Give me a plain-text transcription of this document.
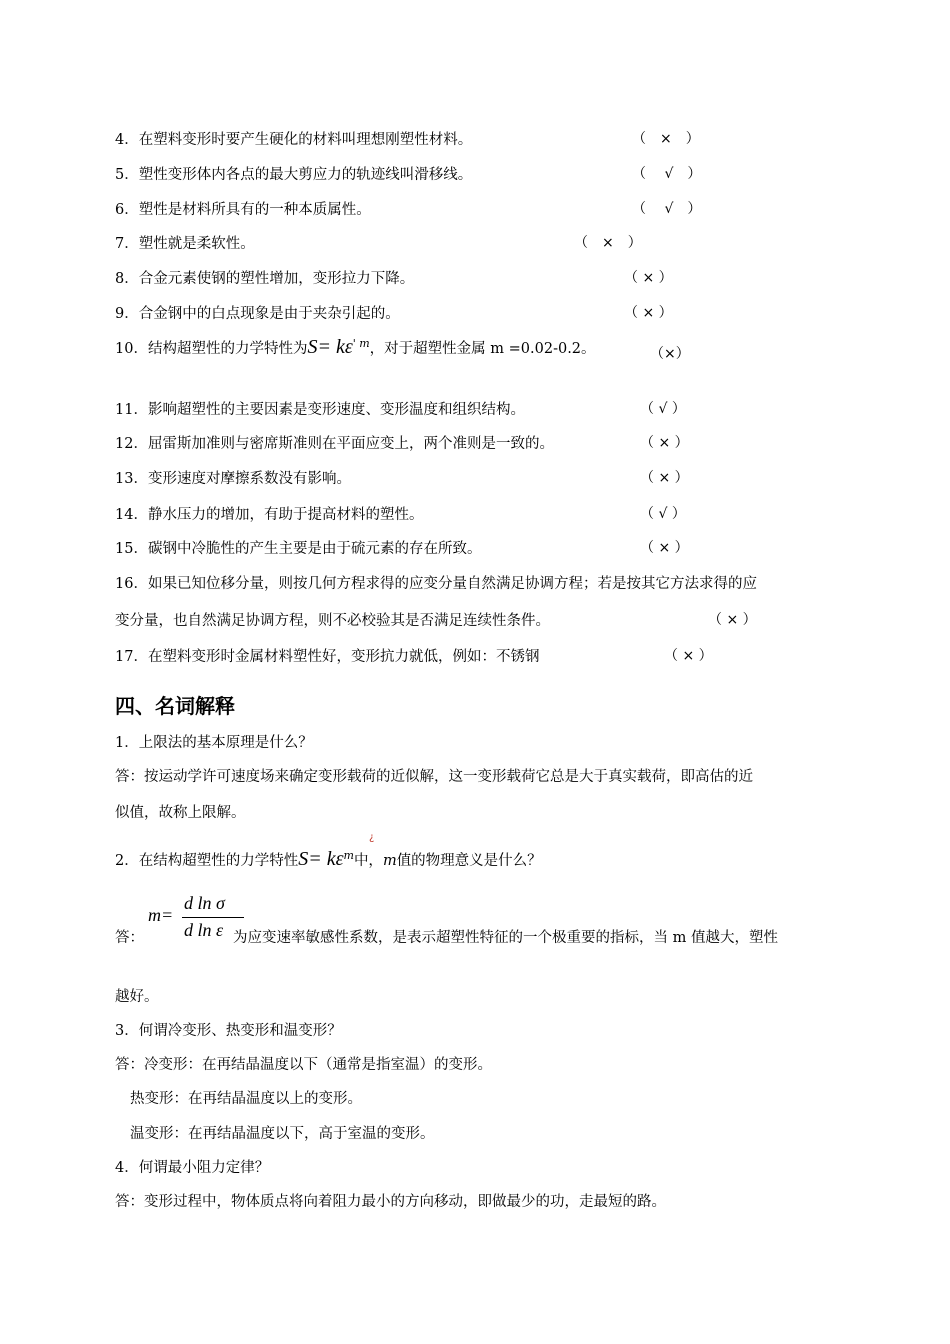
4．在塑料变形时要产生硬化的材料叫理想刚塑性材料。	（　×　）
5．塑性变形体内各点的最大剪应力的轨迹线叫滑移线。	（　 √　）
6．塑性是材料所具有的一种本质属性。	（　 √　）
7．塑性就是柔软性。	（　×　）
8．合金元素使钢的塑性增加，变形拉力下降。	（ × ）
9．合金钢中的白点现象是由于夹杂引起的。	（ × ）
10．结构超塑性的力学特性为$S= k\varepsilon^{' m}$，对于超塑性金属 m =0.02-0.2。	（×）
11．影响超塑性的主要因素是变形速度、变形温度和组织结构。	（ √ ）
12．屈雷斯加准则与密席斯准则在平面应变上，两个准则是一致的。	（ × ）
13．变形速度对摩擦系数没有影响。	（ × ）
14．静水压力的增加，有助于提高材料的塑性。	（ √ ）
15．碳钢中冷脆性的产生主要是由于硫元素的存在所致。	（ × ）
16．如果已知位移分量，则按几何方程求得的应变分量自然满足协调方程；若是按其它方法求得的应
变分量，也自然满足协调方程，则不必校验其是否满足连续性条件。	（ × ）
17．在塑料变形时金属材料塑性好，变形抗力就低，例如：不锈钢	（ × ）
四、名词解释
1．上限法的基本原理是什么？
答：按运动学许可速度场来确定变形载荷的近似解，这一变形载荷它总是大于真实载荷，即高估的近
似值，故称上限解。
2．在结构超塑性的力学特性$S= k\varepsilon^m$中，m值的物理意义是什么？
¿
答：
m=
d ln σ
d ln ε 为应变速率敏感性系数，是表示超塑性特征的一个极重要的指标，当 m 值越大，塑性
越好。
3．何谓冷变形、热变形和温变形？
答：冷变形：在再结晶温度以下（通常是指室温）的变形。
热变形：在再结晶温度以上的变形。
温变形：在再结晶温度以下，高于室温的变形。
4．何谓最小阻力定律？
答：变形过程中，物体质点将向着阻力最小的方向移动，即做最少的功，走最短的路。
